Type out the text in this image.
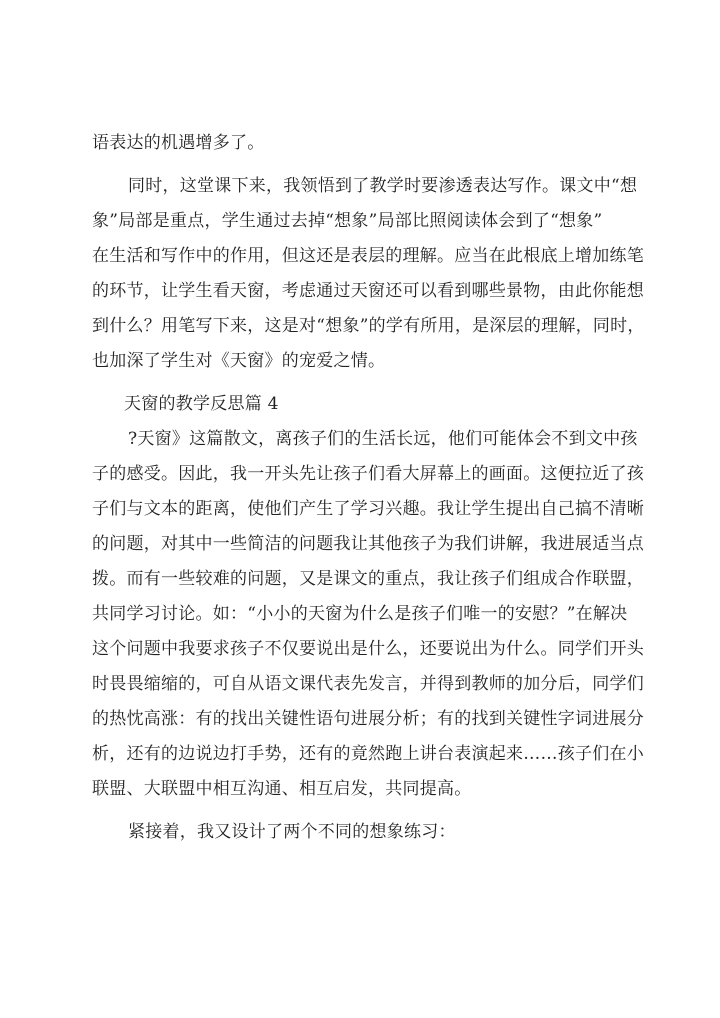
语表达的机遇增多了。
同时，这堂课下来，我领悟到了教学时要渗透表达写作。课文中“想
象”局部是重点，学生通过去掉“想象”局部比照阅读体会到了“想象”
在生活和写作中的作用，但这还是表层的理解。应当在此根底上增加练笔
的环节，让学生看天窗，考虑通过天窗还可以看到哪些景物，由此你能想
到什么？用笔写下来，这是对“想象”的学有所用，是深层的理解，同时，
也加深了学生对《天窗》的宠爱之情。
天窗的教学反思篇 4
?天窗》这篇散文，离孩子们的生活长远，他们可能体会不到文中孩
子的感受。因此，我一开头先让孩子们看大屏幕上的画面。这便拉近了孩
子们与文本的距离，使他们产生了学习兴趣。我让学生提出自己搞不清晰
的问题，对其中一些简洁的问题我让其他孩子为我们讲解，我进展适当点
拨。而有一些较难的问题，又是课文的重点，我让孩子们组成合作联盟，
共同学习讨论。如：“小小的天窗为什么是孩子们唯一的安慰？”在解决
这个问题中我要求孩子不仅要说出是什么，还要说出为什么。同学们开头
时畏畏缩缩的，可自从语文课代表先发言，并得到教师的加分后，同学们
的热忱高涨：有的找出关键性语句进展分析；有的找到关键性字词进展分
析，还有的边说边打手势，还有的竟然跑上讲台表演起来……孩子们在小
联盟、大联盟中相互沟通、相互启发，共同提高。
紧接着，我又设计了两个不同的想象练习：
